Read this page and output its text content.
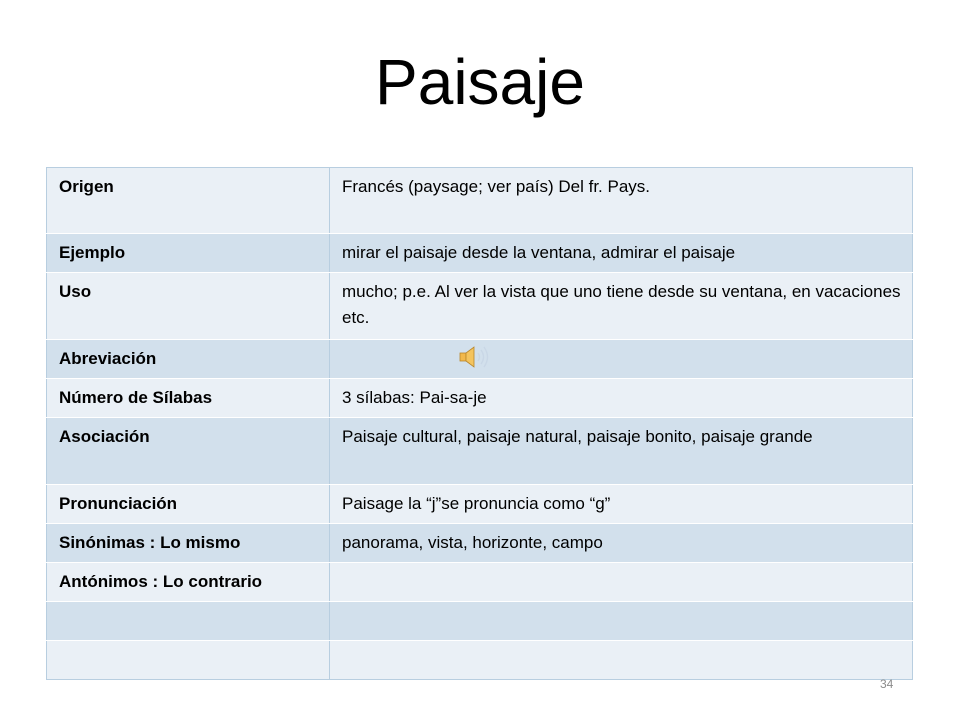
Paisaje
Origen	Francés (paysage; ver país) Del fr. Pays.
Ejemplo	mirar el paisaje desde la ventana, admirar el paisaje
Uso	mucho; p.e. Al ver la vista que uno tiene desde su ventana, en vacaciones etc.
Abreviación	

Número de Sílabas	3 sílabas: Pai-sa-je
Asociación	Paisaje cultural, paisaje natural, paisaje bonito, paisaje grande
Pronunciación	Paisage la “j”se pronuncia como “g”
Sinónimas : Lo mismo	panorama, vista, horizonte, campo
Antónimos : Lo contrario	

34
